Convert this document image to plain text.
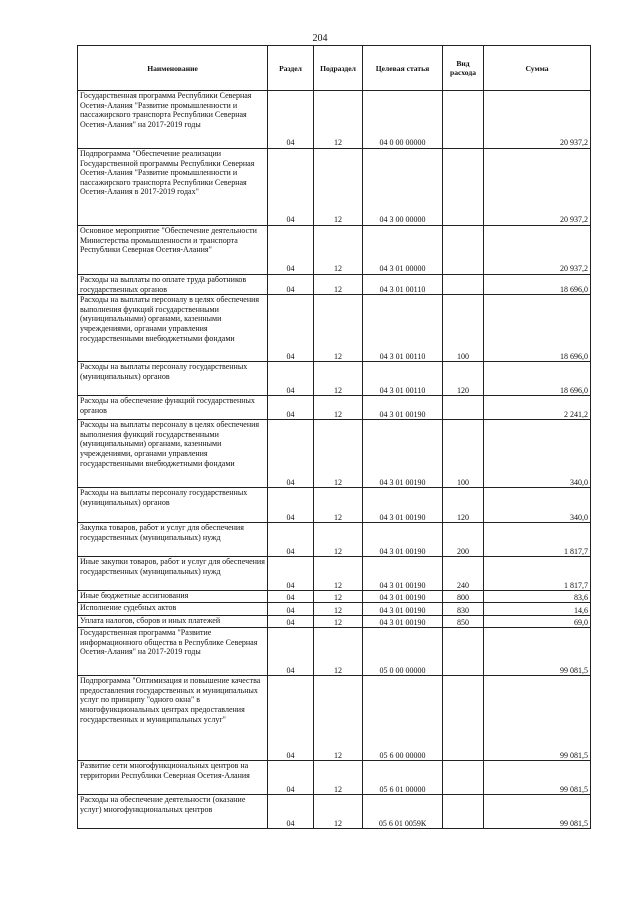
204
Наименование	Раздел	Подраздел	Целевая статья	Вид расхода	Сумма
Государственная программа Республики Северная Осетия-Алания "Развитие промышленности и пассажирского транспорта Республики Северная Осетия-Алания" на 2017-2019 годы	04	12	04 0 00 00000		20 937,2
Подпрограмма "Обеспечение реализации Государственной программы Республики Северная Осетия-Алания "Развитие промышленности и пассажирского транспорта Республики Северная Осетия-Алания в 2017-2019 годах"	04	12	04 3 00 00000		20 937,2
Основное мероприятие "Обеспечение деятельности Министерства промышленности и транспорта Республики Северная Осетия-Алания"	04	12	04 3 01 00000		20 937,2
Расходы на выплаты по оплате труда работников государственных органов	04	12	04 3 01 00110		18 696,0
Расходы на выплаты персоналу в целях обеспечения выполнения функций государственными (муниципальными) органами, казенными учреждениями, органами управления государственными внебюджетными фондами	04	12	04 3 01 00110	100	18 696,0
Расходы на выплаты персоналу государственных (муниципальных) органов	04	12	04 3 01 00110	120	18 696,0
Расходы на обеспечение функций государственных органов	04	12	04 3 01 00190		2 241,2
Расходы на выплаты персоналу в целях обеспечения выполнения функций государственными (муниципальными) органами, казенными учреждениями, органами управления государственными внебюджетными фондами	04	12	04 3 01 00190	100	340,0
Расходы на выплаты персоналу государственных (муниципальных) органов	04	12	04 3 01 00190	120	340,0
Закупка товаров, работ и услуг для обеспечения государственных (муниципальных) нужд	04	12	04 3 01 00190	200	1 817,7
Иные закупки товаров, работ и услуг для обеспечения государственных (муниципальных) нужд	04	12	04 3 01 00190	240	1 817,7
Иные бюджетные ассигнования	04	12	04 3 01 00190	800	83,6
Исполнение судебных актов	04	12	04 3 01 00190	830	14,6
Уплата налогов, сборов и иных платежей	04	12	04 3 01 00190	850	69,0
Государственная программа "Развитие информационного общества в Республике Северная Осетия-Алания" на 2017-2019 годы	04	12	05 0 00 00000		99 081,5
Подпрограмма "Оптимизация и повышение качества предоставления государственных и муниципальных услуг по принципу "одного окна" в многофункциональных центрах предоставления государственных и муниципальных услуг"	04	12	05 6 00 00000		99 081,5
Развитие сети многофункциональных центров на территории Республики Северная Осетия-Алания	04	12	05 6 01 00000		99 081,5
Расходы на обеспечение деятельности (оказание услуг) многофункциональных центров	04	12	05 6 01 0059К		99 081,5
